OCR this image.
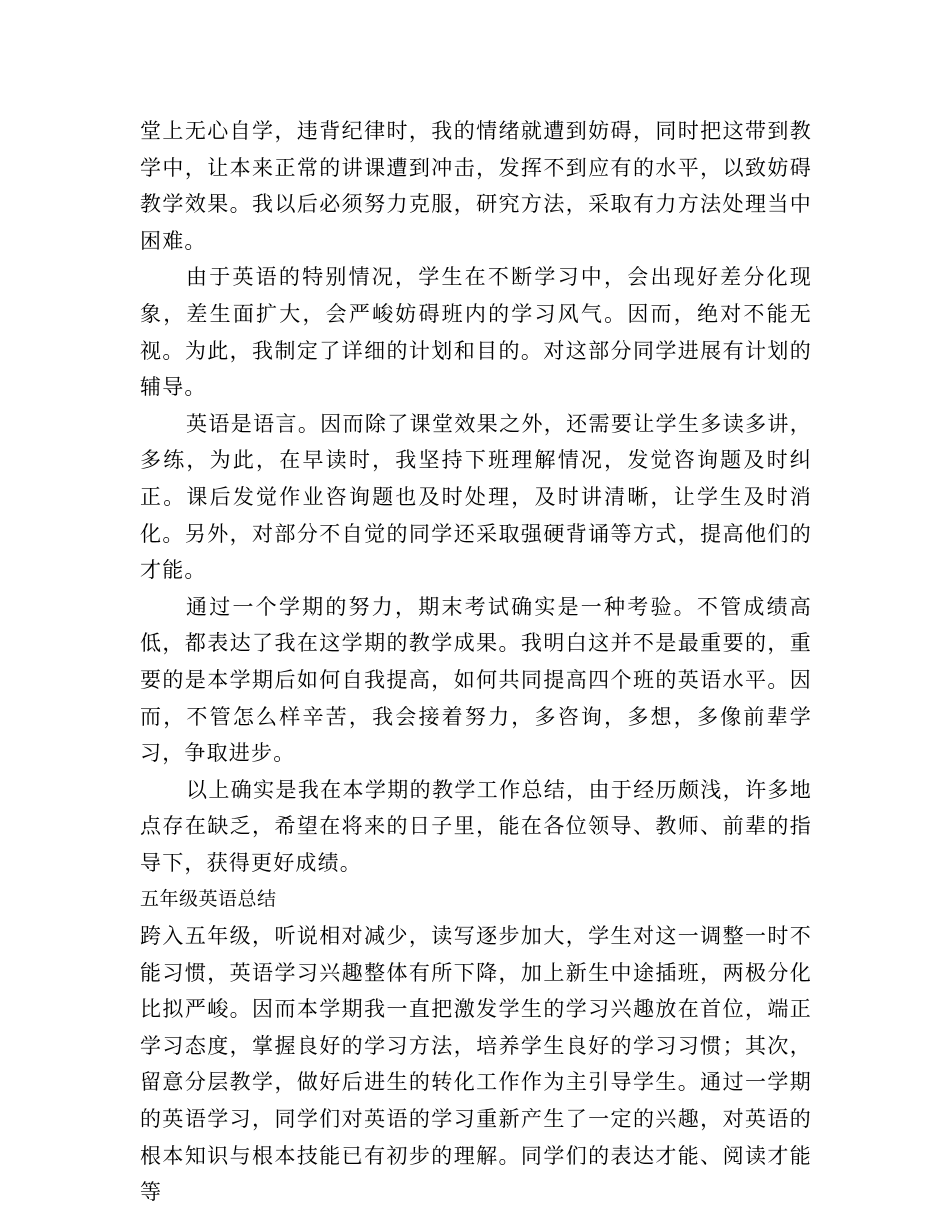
堂上无心自学，违背纪律时，我的情绪就遭到妨碍，同时把这带到教学中，让本来正常的讲课遭到冲击，发挥不到应有的水平，以致妨碍教学效果。我以后必须努力克服，研究方法，采取有力方法处理当中困难。

由于英语的特别情况，学生在不断学习中，会出现好差分化现象，差生面扩大，会严峻妨碍班内的学习风气。因而，绝对不能无视。为此，我制定了详细的计划和目的。对这部分同学进展有计划的辅导。

英语是语言。因而除了课堂效果之外，还需要让学生多读多讲，多练，为此，在早读时，我坚持下班理解情况，发觉咨询题及时纠正。课后发觉作业咨询题也及时处理，及时讲清晰，让学生及时消化。另外，对部分不自觉的同学还采取强硬背诵等方式，提高他们的才能。

通过一个学期的努力，期末考试确实是一种考验。不管成绩高低，都表达了我在这学期的教学成果。我明白这并不是最重要的，重要的是本学期后如何自我提高，如何共同提高四个班的英语水平。因而，不管怎么样辛苦，我会接着努力，多咨询，多想，多像前辈学习，争取进步。

以上确实是我在本学期的教学工作总结，由于经历颇浅，许多地点存在缺乏，希望在将来的日子里，能在各位领导、教师、前辈的指导下，获得更好成绩。

五年级英语总结

跨入五年级，听说相对减少，读写逐步加大，学生对这一调整一时不能习惯，英语学习兴趣整体有所下降，加上新生中途插班，两极分化比拟严峻。因而本学期我一直把激发学生的学习兴趣放在首位，端正学习态度，掌握良好的学习方法，培养学生良好的学习习惯；其次，留意分层教学，做好后进生的转化工作作为主引导学生。通过一学期的英语学习，同学们对英语的学习重新产生了一定的兴趣，对英语的根本知识与根本技能已有初步的理解。同学们的表达才能、阅读才能等
